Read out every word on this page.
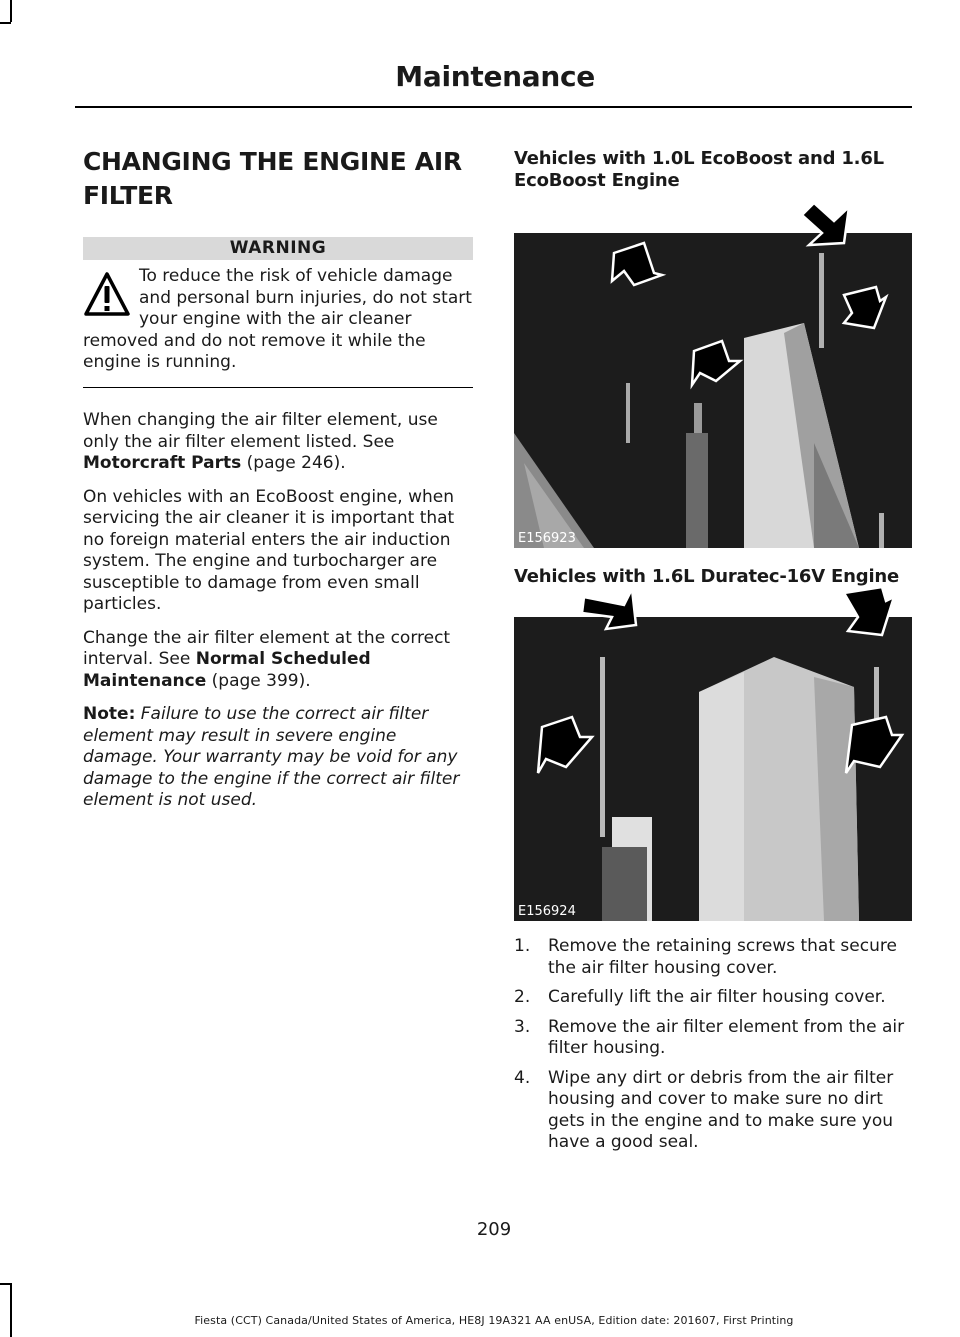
Maintenance
CHANGING THE ENGINE AIR FILTER
WARNING
To reduce the risk of vehicle damage and personal burn injuries, do not start your engine with the air cleaner removed and do not remove it while the engine is running.

When changing the air filter element, use only the air filter element listed. See Motorcraft Parts (page 246).

On vehicles with an EcoBoost engine, when servicing the air cleaner it is important that no foreign material enters the air induction system. The engine and turbocharger are susceptible to damage from even small particles.

Change the air filter element at the correct interval. See Normal Scheduled Maintenance (page 399).

Note: Failure to use the correct air filter element may result in severe engine damage. Your warranty may be void for any damage to the engine if the correct air filter element is not used.

Vehicles with 1.0L EcoBoost and 1.6L EcoBoost Engine
E156923
Vehicles with 1.6L Duratec-16V Engine
E156924
1. Remove the retaining screws that secure the air filter housing cover.
2. Carefully lift the air filter housing cover.
3. Remove the air filter element from the air filter housing.
4. Wipe any dirt or debris from the air filter housing and cover to make sure no dirt gets in the engine and to make sure you have a good seal.
209
Fiesta (CCT) Canada/United States of America, HE8J 19A321 AA enUSA, Edition date: 201607, First Printing
